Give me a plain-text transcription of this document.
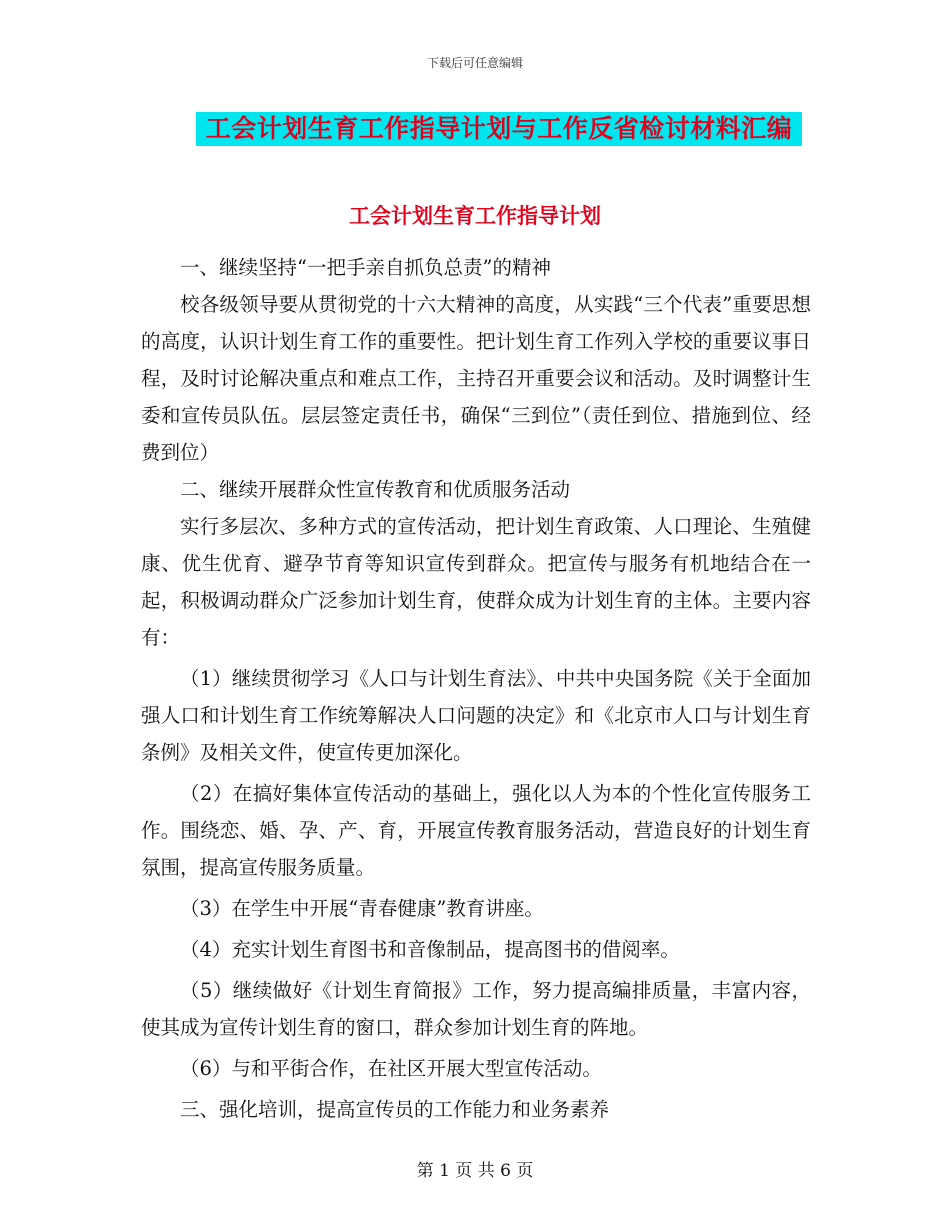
下载后可任意编辑
工会计划生育工作指导计划与工作反省检讨材料汇编
工会计划生育工作指导计划

一、继续坚持“一把手亲自抓负总责”的精神

校各级领导要从贯彻党的十六大精神的高度，从实践“三个代表”重要思想的高度，认识计划生育工作的重要性。把计划生育工作列入学校的重要议事日程，及时讨论解决重点和难点工作，主持召开重要会议和活动。及时调整计生委和宣传员队伍。层层签定责任书，确保“三到位”（责任到位、措施到位、经费到位）

二、继续开展群众性宣传教育和优质服务活动

实行多层次、多种方式的宣传活动，把计划生育政策、人口理论、生殖健康、优生优育、避孕节育等知识宣传到群众。把宣传与服务有机地结合在一起，积极调动群众广泛参加计划生育，使群众成为计划生育的主体。主要内容有：

（1）继续贯彻学习《人口与计划生育法》、中共中央国务院《关于全面加强人口和计划生育工作统筹解决人口问题的决定》和《北京市人口与计划生育条例》及相关文件，使宣传更加深化。

（2）在搞好集体宣传活动的基础上，强化以人为本的个性化宣传服务工作。围绕恋、婚、孕、产、育，开展宣传教育服务活动，营造良好的计划生育氛围，提高宣传服务质量。

（3）在学生中开展“青春健康”教育讲座。

（4）充实计划生育图书和音像制品，提高图书的借阅率。

（5）继续做好《计划生育简报》工作，努力提高编排质量，丰富内容，使其成为宣传计划生育的窗口，群众参加计划生育的阵地。

（6）与和平街合作，在社区开展大型宣传活动。

三、强化培训，提高宣传员的工作能力和业务素养

第 1 页 共 6 页
